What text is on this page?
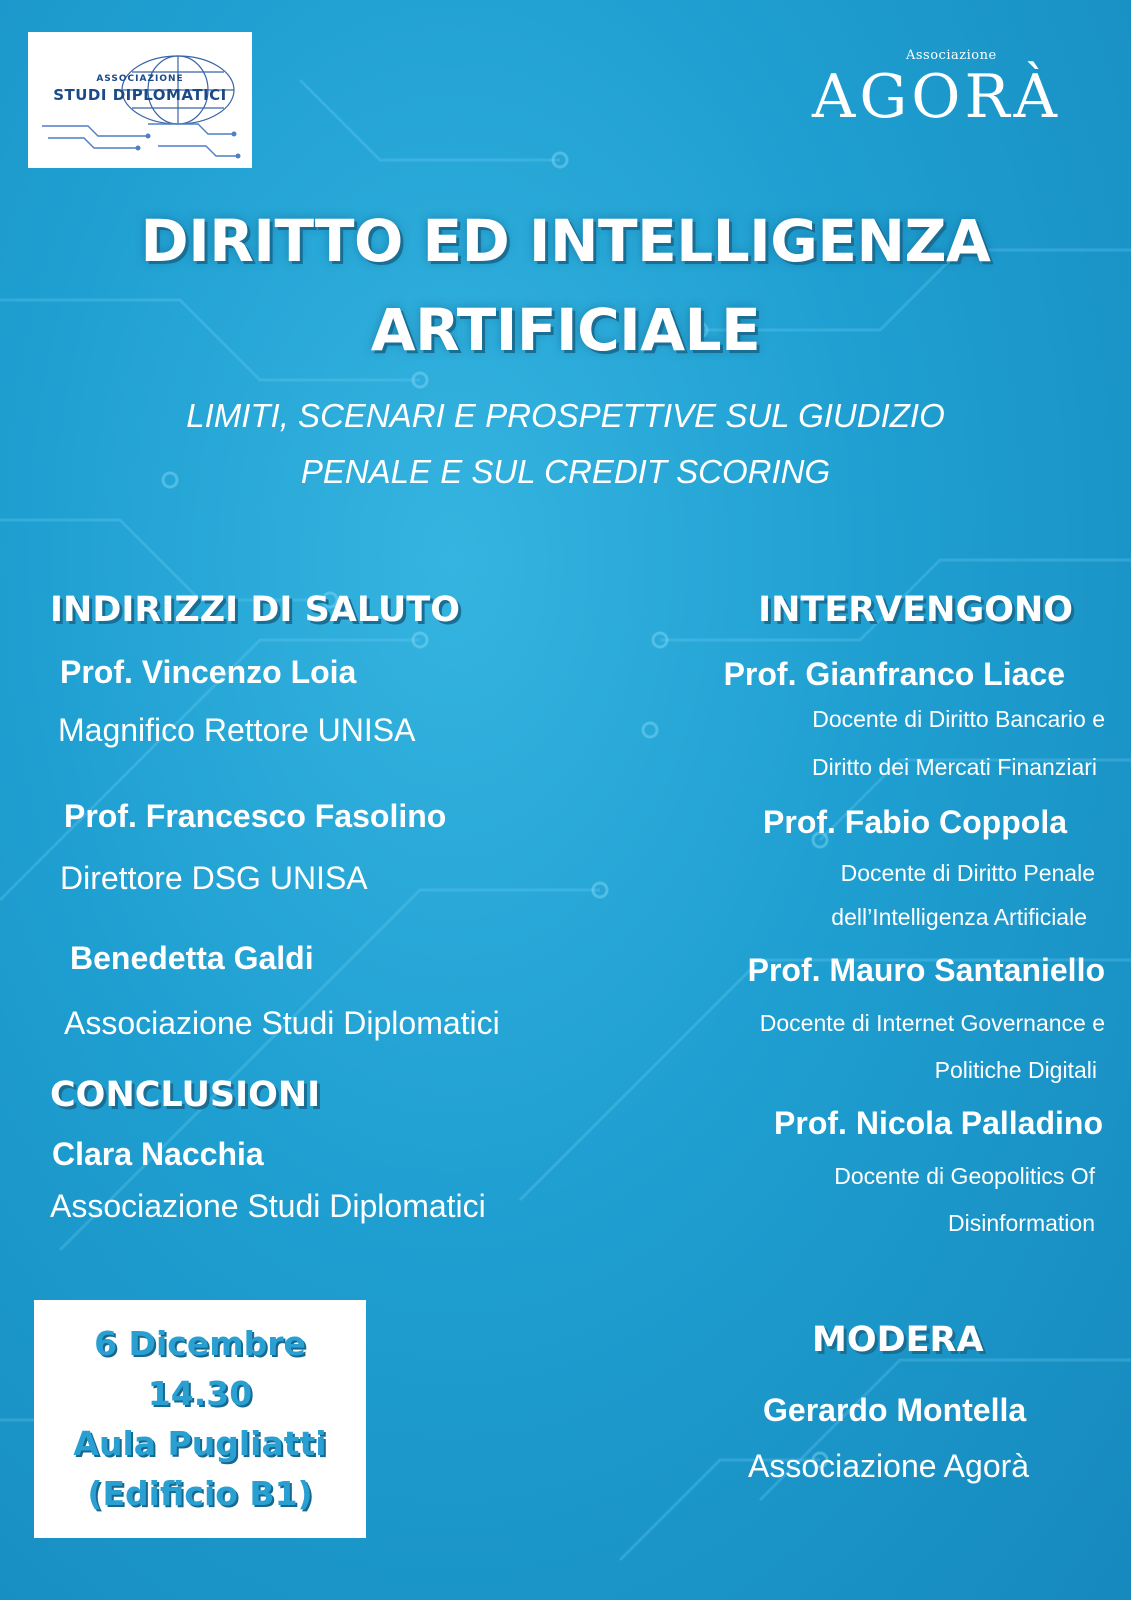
ASSOCIAZIONE
STUDI DIPLOMATICI
Associazione
AGORÀ
DIRITTO ED INTELLIGENZA
ARTIFICIALE
LIMITI, SCENARI E PROSPETTIVE SUL GIUDIZIO
PENALE E SUL CREDIT SCORING
INDIRIZZI DI SALUTO
Prof. Vincenzo Loia
Magnifico Rettore UNISA
Prof. Francesco Fasolino
Direttore DSG UNISA
Benedetta Galdi
Associazione Studi Diplomatici
CONCLUSIONI
Clara Nacchia
Associazione Studi Diplomatici
INTERVENGONO
Prof. Gianfranco Liace
Docente di Diritto Bancario e
Diritto dei Mercati Finanziari
Prof. Fabio Coppola
Docente di Diritto Penale
dell’Intelligenza Artificiale
Prof. Mauro Santaniello
Docente di Internet Governance e
Politiche Digitali
Prof. Nicola Palladino
Docente di Geopolitics Of
Disinformation
6 Dicembre
14.30
Aula Pugliatti
(Edificio B1)
MODERA
Gerardo Montella
Associazione Agorà
